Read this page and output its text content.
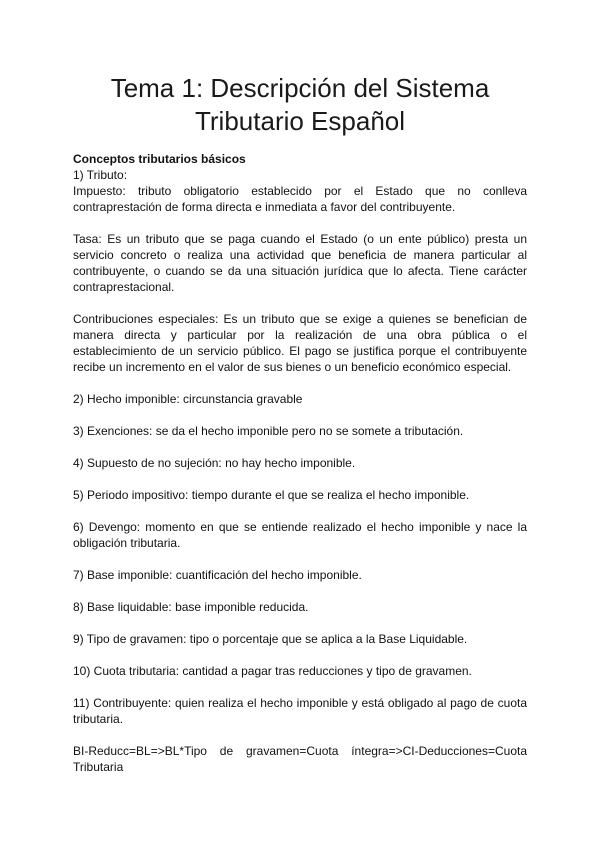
Tema 1: Descripción del Sistema Tributario Español
Conceptos tributarios básicos
1) Tributo:
Impuesto: tributo obligatorio establecido por el Estado que no conlleva contraprestación de forma directa e inmediata a favor del contribuyente.
Tasa: Es un tributo que se paga cuando el Estado (o un ente público) presta un servicio concreto o realiza una actividad que beneficia de manera particular al contribuyente, o cuando se da una situación jurídica que lo afecta. Tiene carácter contraprestacional.
Contribuciones especiales: Es un tributo que se exige a quienes se benefician de manera directa y particular por la realización de una obra pública o el establecimiento de un servicio público. El pago se justifica porque el contribuyente recibe un incremento en el valor de sus bienes o un beneficio económico especial.
2) Hecho imponible: circunstancia gravable
3) Exenciones: se da el hecho imponible pero no se somete a tributación.
4) Supuesto de no sujeción: no hay hecho imponible.
5) Periodo impositivo: tiempo durante el que se realiza el hecho imponible.
6) Devengo: momento en que se entiende realizado el hecho imponible y nace la obligación tributaria.
7) Base imponible: cuantificación del hecho imponible.
8) Base liquidable: base imponible reducida.
9) Tipo de gravamen: tipo o porcentaje que se aplica a la Base Liquidable.
10) Cuota tributaria: cantidad a pagar tras reducciones y tipo de gravamen.
11) Contribuyente: quien realiza el hecho imponible y está obligado al pago de cuota tributaria.
BI-Reducc=BL=>BL*Tipo de gravamen=Cuota íntegra=>CI-Deducciones=Cuota Tributaria
